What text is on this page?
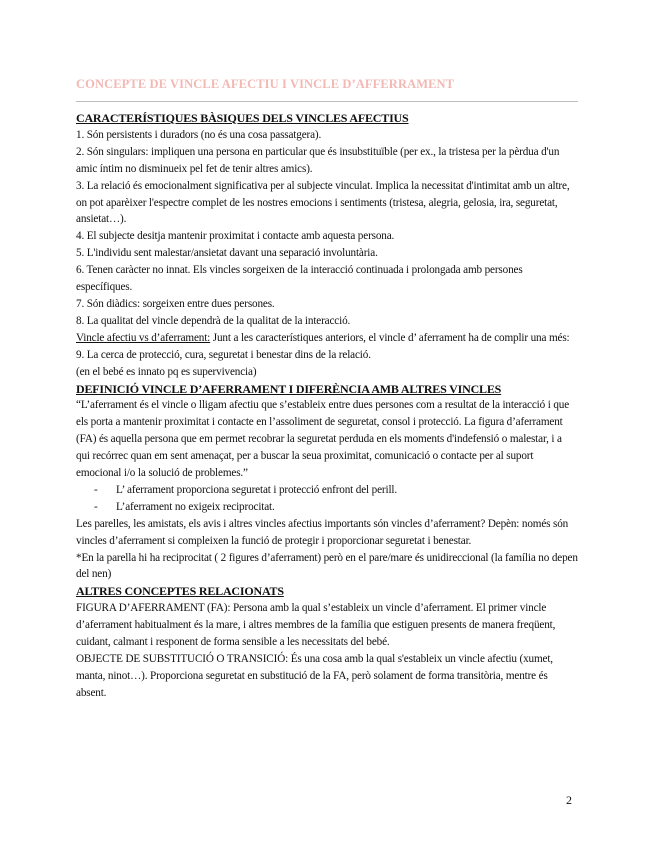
CONCEPTE DE VINCLE AFECTIU I VINCLE D’AFFERRAMENT
CARACTERÍSTIQUES BÀSIQUES DELS VINCLES AFECTIUS

1. Són persistents i duradors (no és una cosa passatgera).

2. Són singulars: impliquen una persona en particular que és insubstituïble (per ex., la tristesa per la pèrdua d'un amic íntim no disminueix pel fet de tenir altres amics).

3. La relació és emocionalment significativa per al subjecte vinculat. Implica la necessitat d'intimitat amb un altre, on pot aparèixer l'espectre complet de les nostres emocions i sentiments (tristesa, alegria, gelosia, ira, seguretat, ansietat…).

4. El subjecte desitja mantenir proximitat i contacte amb aquesta persona.

5. L'individu sent malestar/ansietat davant una separació involuntària.

6. Tenen caràcter no innat. Els vincles sorgeixen de la interacció continuada i prolongada amb persones específiques.

7. Són diàdics: sorgeixen entre dues persones.

8. La qualitat del vincle dependrà de la qualitat de la interacció.

Vincle afectiu vs d’aferrament: Junt a les característiques anteriors, el vincle d’ aferrament ha de complir una més: 9. La cerca de protecció, cura, seguretat i benestar dins de la relació.

(en el bebé es innato pq es supervivencia)

DEFINICIÓ VINCLE D’AFERRAMENT I DIFERÈNCIA AMB ALTRES VINCLES

“L’aferrament és el vincle o lligam afectiu que s’estableix entre dues persones com a resultat de la interacció i que els porta a mantenir proximitat i contacte en l’assoliment de seguretat, consol i protecció. La figura d’aferrament (FA) és aquella persona que em permet recobrar la seguretat perduda en els moments d'indefensió o malestar, i a qui recórrec quan em sent amenaçat, per a buscar la seua proximitat, comunicació o contacte per al suport emocional i/o la solució de problemes.”

- L’ aferrament proporciona seguretat i protecció enfront del perill.
- L’aferrament no exigeix reciprocitat.

Les parelles, les amistats, els avis i altres vincles afectius importants són vincles d’aferrament? Depèn: només són vincles d’aferrament si compleixen la funció de protegir i proporcionar seguretat i benestar.

*En la parella hi ha reciprocitat ( 2 figures d’aferrament) però en el pare/mare és unidireccional (la família no depen del nen)

ALTRES CONCEPTES RELACIONATS

FIGURA D’AFERRAMENT (FA): Persona amb la qual s’estableix un vincle d’aferrament. El primer vincle d’aferrament habitualment és la mare, i altres membres de la família que estiguen presents de manera freqüent, cuidant, calmant i responent de forma sensible a les necessitats del bebé.

OBJECTE DE SUBSTITUCIÓ O TRANSICIÓ: És una cosa amb la qual s'estableix un vincle afectiu (xumet, manta, ninot…). Proporciona seguretat en substitució de la FA, però solament de forma transitòria, mentre és absent.

2
